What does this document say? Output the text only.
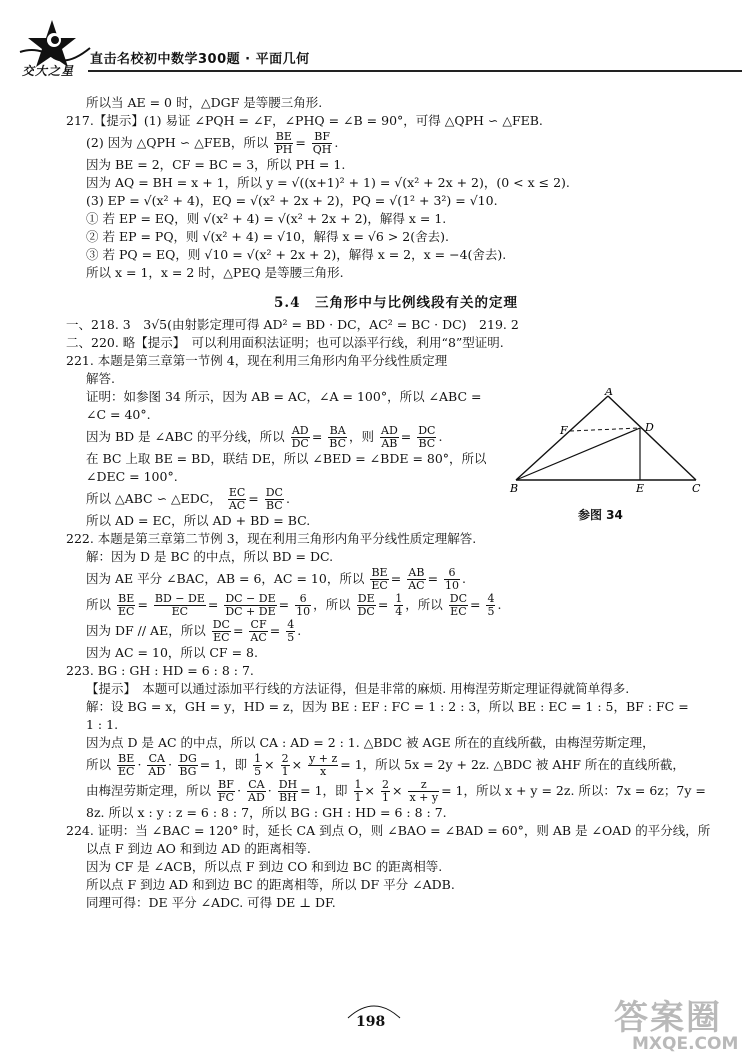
交大之星
直击名校初中数学300题 · 平面几何
所以当 AE = 0 时，△DGF 是等腰三角形.
217.【提示】(1) 易证 ∠PQH = ∠F，∠PHQ = ∠B = 90°，可得 △QPH ∽ △FEB.
(2) 因为 △QPH ∽ △FEB，所以 $\frac{BE}{PH} = \frac{BF}{QH}$ .
因为 BE = 2，CF = BC = 3，所以 PH = 1.
因为 AQ = BH = x + 1，所以 y = √((x+1)² + 1) = √(x² + 2x + 2)，(0 < x ≤ 2).
(3) EP = √(x² + 4)，EQ = √(x² + 2x + 2)，PQ = √(1² + 3²) = √10.
① 若 EP = EQ，则 √(x² + 4) = √(x² + 2x + 2)，解得 x = 1.
② 若 EP = PQ，则 √(x² + 4) = √10，解得 x = √6 > 2(舍去).
③ 若 PQ = EQ，则 √10 = √(x² + 2x + 2)，解得 x = 2，x = −4(舍去).
所以 x = 1，x = 2 时，△PEQ 是等腰三角形.
5.4　三角形中与比例线段有关的定理
一、218. 3　3√5(由射影定理可得 AD² = BD · DC，AC² = BC · DC)　219. 2
二、220. 略【提示】　可以利用面积法证明；也可以添平行线，利用“8”型证明.
221. 本题是第三章第一节例 4，现在利用三角形内角平分线性质定理
解答.
证明：如参图 34 所示，因为 AB = AC，∠A = 100°，所以 ∠ABC =
∠C = 40°.
因为 BD 是 ∠ABC 的平分线，所以 $\frac{AD}{DC} = \frac{BA}{BC}$ ，则 $\frac{AD}{AB} = \frac{DC}{BC}$ .
在 BC 上取 BE = BD，联结 DE，所以 ∠BED = ∠BDE = 80°，所以
∠DEC = 100°.
所以 △ABC ∽ △EDC， $\frac{EC}{AC} = \frac{DC}{BC}$ .
所以 AD = EC，所以 AD + BD = BC.
222. 本题是第三章第二节例 3，现在利用三角形内角平分线性质定理解答.
解：因为 D 是 BC 的中点，所以 BD = DC.
因为 AE 平分 ∠BAC，AB = 6，AC = 10，所以 $\frac{BE}{EC} = \frac{AB}{AC} = \frac{6}{10}$ .
所以 $\frac{BE}{EC} = \frac{BD - DE}{EC} = \frac{DC - DE}{DC + DE} = \frac{6}{10}$ ，所以 $\frac{DE}{DC} = \frac{1}{4}$ ，所以 $\frac{DC}{EC} = \frac{4}{5}$ .
因为 DF // AE，所以 $\frac{DC}{EC} = \frac{CF}{AC} = \frac{4}{5}$ .
因为 AC = 10，所以 CF = 8.
223. BG : GH : HD = 6 : 8 : 7.
【提示】　本题可以通过添加平行线的方法证得，但是非常的麻烦. 用梅涅劳斯定理证得就简单得多.
解：设 BG = x，GH = y，HD = z，因为 BE : EF : FC = 1 : 2 : 3，所以 BE : EC = 1 : 5，BF : FC =
1 : 1.
因为点 D 是 AC 的中点，所以 CA : AD = 2 : 1. △BDC 被 AGE 所在的直线所截，由梅涅劳斯定理，
所以 $\frac{BE}{EC} \cdot \frac{CA}{AD} \cdot \frac{DG}{BG} = 1$，即 $\frac{1}{5} \times \frac{2}{1} \times \frac{y + z}{x} = 1$，所以 5x = 2y + 2z. △BDC 被 AHF 所在的直线所截，
由梅涅劳斯定理，所以 $\frac{BF}{FC} \cdot \frac{CA}{AD} \cdot \frac{DH}{BH} = 1$，即 $\frac{1}{1} \times \frac{2}{1} \times \frac{z}{x + y} = 1$，所以 x + y = 2z. 所以：7x = 6z；7y =
8z. 所以 x : y : z = 6 : 8 : 7，所以 BG : GH : HD = 6 : 8 : 7.
224. 证明：当 ∠BAC = 120° 时，延长 CA 到点 O，则 ∠BAO = ∠BAD = 60°，则 AB 是 ∠OAD 的平分线，所
以点 F 到边 AO 和到边 AD 的距离相等.
因为 CF 是 ∠ACB，所以点 F 到边 CO 和到边 BC 的距离相等.
所以点 F 到边 AD 和到边 BC 的距离相等，所以 DF 平分 ∠ADB.
同理可得：DE 平分 ∠ADC. 可得 DE ⊥ DF.
A
B	C
D
E
F
参图 34
198	答案圈
MXQE.COM
